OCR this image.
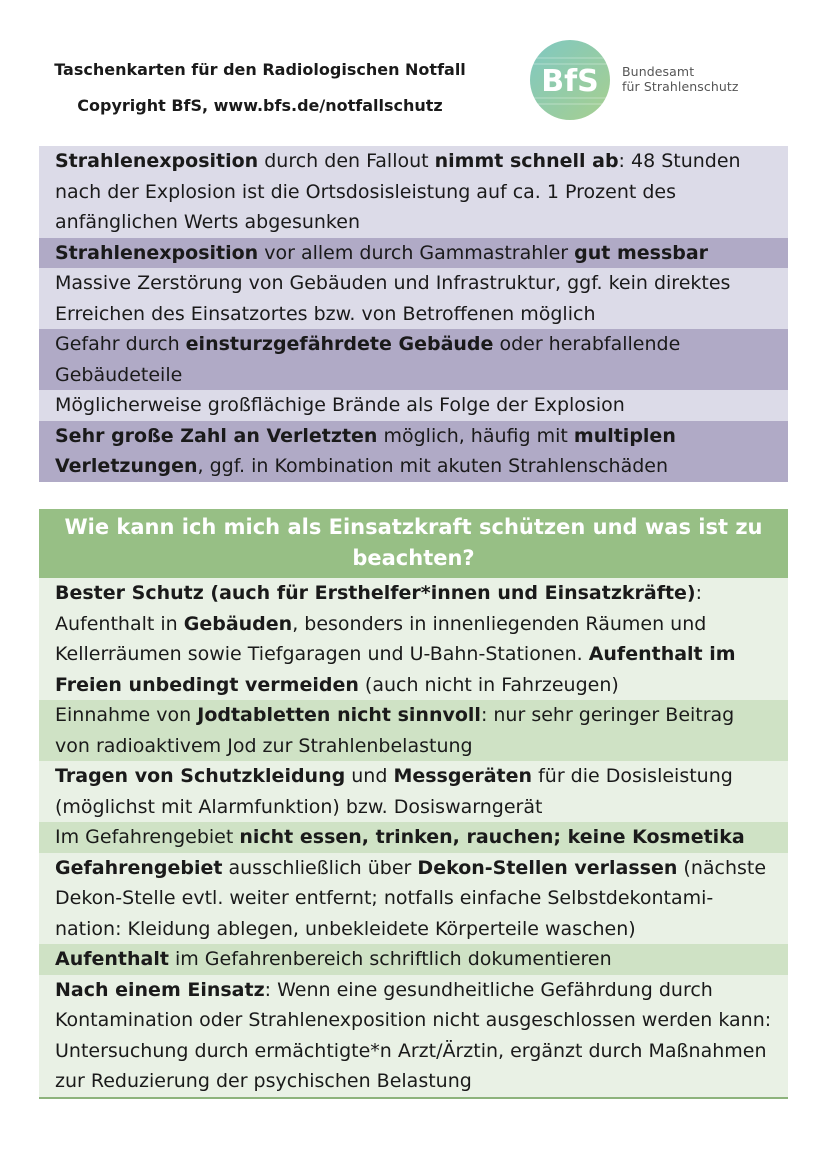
Taschenkarten für den Radiologischen Notfall
Copyright BfS, www.bfs.de/notfallschutz
BfS Bundesamt
für Strahlenschutz
Strahlenexposition durch den Fallout nimmt schnell ab: 48 Stunden nach der Explosion ist die Ortsdosisleistung auf ca. 1 Prozent des anfänglichen Werts abgesunken
Strahlenexposition vor allem durch Gammastrahler gut messbar
Massive Zerstörung von Gebäuden und Infrastruktur, ggf. kein direktes Erreichen des Einsatzortes bzw. von Betroffenen möglich
Gefahr durch einsturzgefährdete Gebäude oder herabfallende Gebäudeteile
Möglicherweise großflächige Brände als Folge der Explosion
Sehr große Zahl an Verletzten möglich, häufig mit multiplen Verletzungen, ggf. in Kombination mit akuten Strahlenschäden
Wie kann ich mich als Einsatzkraft schützen und was ist zu beachten?
Bester Schutz (auch für Ersthelfer*innen und Einsatzkräfte): Aufenthalt in Gebäuden, besonders in innenliegenden Räumen und Kellerräumen sowie Tiefgaragen und U-Bahn-Stationen. Aufenthalt im Freien unbedingt vermeiden (auch nicht in Fahrzeugen)
Einnahme von Jodtabletten nicht sinnvoll: nur sehr geringer Beitrag von radioaktivem Jod zur Strahlenbelastung
Tragen von Schutzkleidung und Messgeräten für die Dosisleistung (möglichst mit Alarmfunktion) bzw. Dosiswarngerät
Im Gefahrengebiet nicht essen, trinken, rauchen; keine Kosmetika
Gefahrengebiet ausschließlich über Dekon-Stellen verlassen (nächste Dekon-Stelle evtl. weiter entfernt; notfalls einfache Selbstdekontami-nation: Kleidung ablegen, unbekleidete Körperteile waschen)
Aufenthalt im Gefahrenbereich schriftlich dokumentieren
Nach einem Einsatz: Wenn eine gesundheitliche Gefährdung durch Kontamination oder Strahlenexposition nicht ausgeschlossen werden kann: Untersuchung durch ermächtigte*n Arzt/Ärztin, ergänzt durch Maßnahmen zur Reduzierung der psychischen Belastung
